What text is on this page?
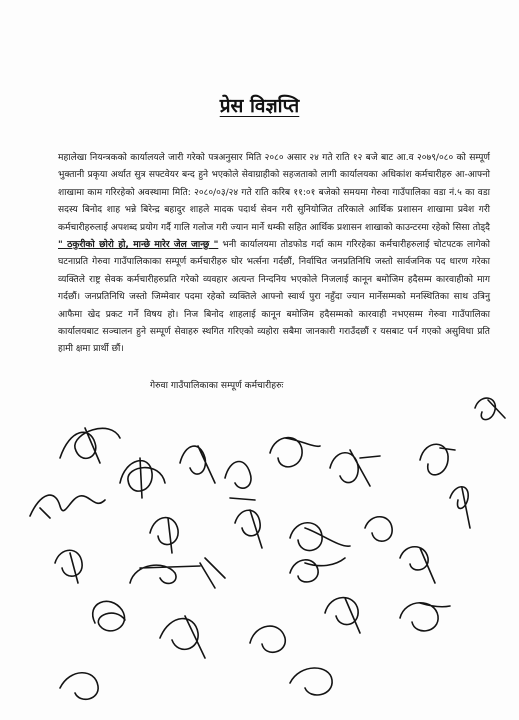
प्रेस विज्ञप्ति

महालेखा नियन्त्रकको कार्यालयले जारी गरेको पत्रअनुसार मिति २०८० असार २४ गते राति १२ बजे बाट आ.व २०७९/०८० को सम्पूर्ण भुक्तानी प्रकृया अर्थात सुत्र सफ्टवेयर बन्द हुने भएकोले सेवाग्राहीको सहजताको लागी कार्यालयका अधिकांश कर्मचारीहरु आ-आफ्नो शाखामा काम गरिरहेको अवस्थामा मिति: २०८०/०३/२४ गते राति करिब ११:०१ बजेको समयमा गेरुवा गाउँपालिका वडा नं.५ का वडा सदस्य बिनोद शाह भन्ने बिरेन्द्र बहादुर शाहले मादक पदार्थ सेवन गरी सुनियोजित तरिकाले आर्थिक प्रशासन शाखामा प्रवेश गरी कर्मचारीहरुलाई अपशब्द प्रयोग गर्दै गालि गलोज गरी ज्यान मार्ने धम्की सहित आर्थिक प्रशासन शाखाको काउन्टरमा रहेको सिसा तोड्दै " ठकुरीको छोरो हो, मान्छे मारेर जेल जान्छु " भनी कार्यालयमा तोडफोड गर्दा काम गरिरहेका कर्मचारीहरुलाई चोटपटक लागेको घटनाप्रति गेरुवा गाउँपालिकाका सम्पूर्ण कर्मचारीहरु घोर भर्त्सना गर्दछौं, निर्वाचित जनप्रतिनिधि जस्तो सार्वजनिक पद धारण गरेका व्यक्तिले राष्ट्र सेवक कर्मचारीहरुप्रति गरेको व्यवहार अत्यन्त निन्दनिय भएकोले निजलाई कानून बमोजिम हदैसम्म कारवाहीको माग गर्दछौं। जनप्रतिनिधि जस्तो जिम्मेवार पदमा रहेको व्यक्तिले आफ्नो स्वार्थ पुरा नहुँदा ज्यान मार्नेसम्मको मनस्थितिका साथ उत्रिनु आफैमा खेद प्रकट गर्ने विषय हो। निज बिनोद शाहलाई कानून बमोजिम हदैसम्मको कारवाही नभएसम्म गेरुवा गाउँपालिका कार्यालयबाट सञ्चालन हुने सम्पूर्ण सेवाहरु स्थगित गरिएको व्यहोरा सबैमा जानकारी गराउँदछौं र यसबाट पर्न गएको असुविधा प्रति हामी क्षमा प्रार्थी छौं।

गेरुवा गाउँपालिकाका सम्पूर्ण कर्मचारीहरुः
